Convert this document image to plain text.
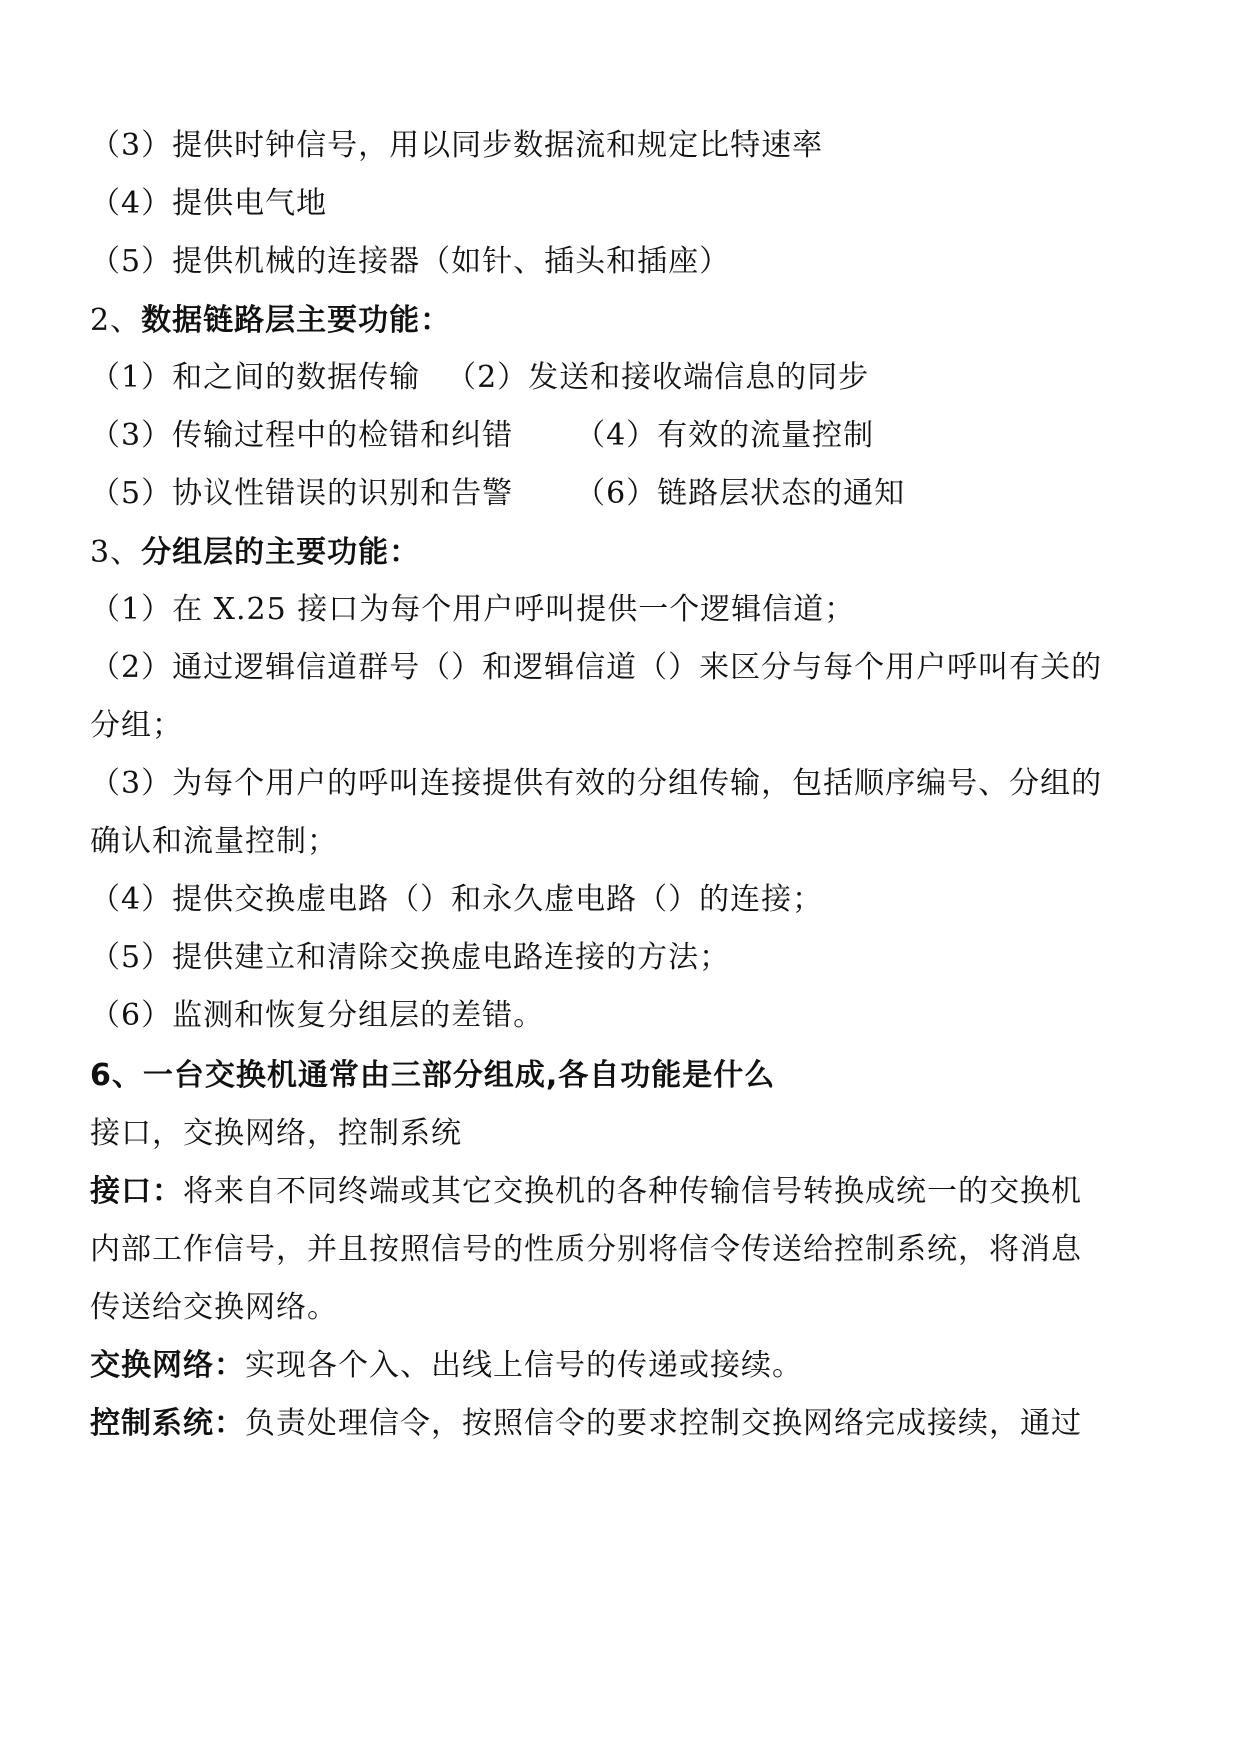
（3）提供时钟信号，用以同步数据流和规定比特速率
（4）提供电气地
（5）提供机械的连接器（如针、插头和插座）
2、数据链路层主要功能：
（1）和之间的数据传输 （2）发送和接收端信息的同步
（3）传输过程中的检错和纠错 （4）有效的流量控制
（5）协议性错误的识别和告警 （6）链路层状态的通知
3、分组层的主要功能：
（1）在 X.25 接口为每个用户呼叫提供一个逻辑信道；
（2）通过逻辑信道群号（）和逻辑信道（）来区分与每个用户呼叫有关的
分组；
（3）为每个用户的呼叫连接提供有效的分组传输，包括顺序编号、分组的
确认和流量控制；
（4）提供交换虚电路（）和永久虚电路（）的连接；
（5）提供建立和清除交换虚电路连接的方法；
（6）监测和恢复分组层的差错。
6、一台交换机通常由三部分组成,各自功能是什么
接口，交换网络，控制系统
接口：将来自不同终端或其它交换机的各种传输信号转换成统一的交换机
内部工作信号，并且按照信号的性质分别将信令传送给控制系统，将消息
传送给交换网络。
交换网络：实现各个入、出线上信号的传递或接续。
控制系统：负责处理信令，按照信令的要求控制交换网络完成接续，通过
